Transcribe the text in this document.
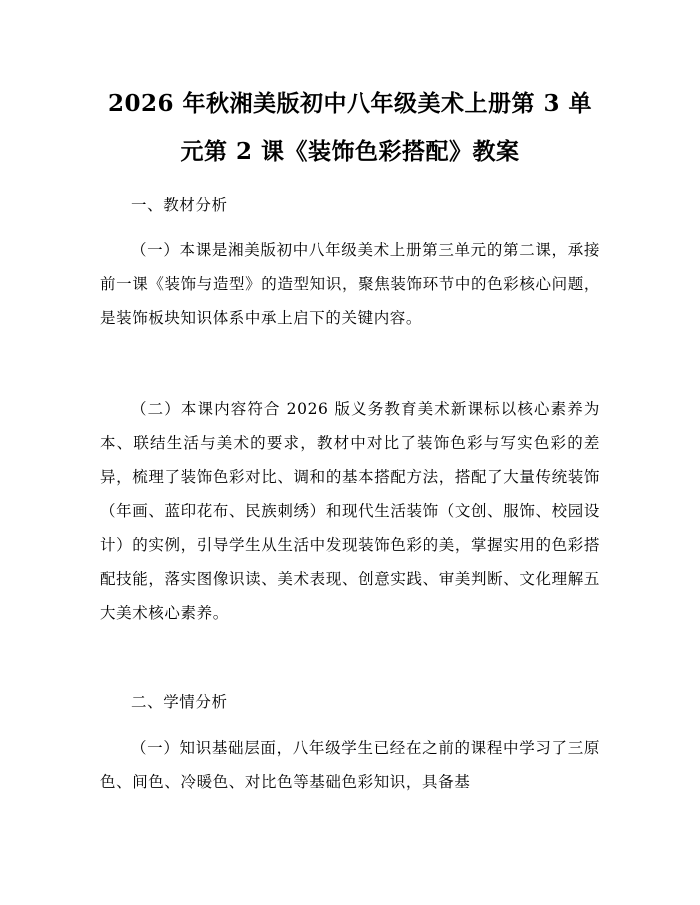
2026 年秋湘美版初中八年级美术上册第 3 单
元第 2 课《装饰色彩搭配》教案

一、教材分析

（一）本课是湘美版初中八年级美术上册第三单元的第二课，承接前一课《装饰与造型》的造型知识，聚焦装饰环节中的色彩核心问题，是装饰板块知识体系中承上启下的关键内容。

（二）本课内容符合 2026 版义务教育美术新课标以核心素养为本、联结生活与美术的要求，教材中对比了装饰色彩与写实色彩的差异，梳理了装饰色彩对比、调和的基本搭配方法，搭配了大量传统装饰（年画、蓝印花布、民族刺绣）和现代生活装饰（文创、服饰、校园设计）的实例，引导学生从生活中发现装饰色彩的美，掌握实用的色彩搭配技能，落实图像识读、美术表现、创意实践、审美判断、文化理解五大美术核心素养。

二、学情分析

（一）知识基础层面，八年级学生已经在之前的课程中学习了三原色、间色、冷暖色、对比色等基础色彩知识，具备基
